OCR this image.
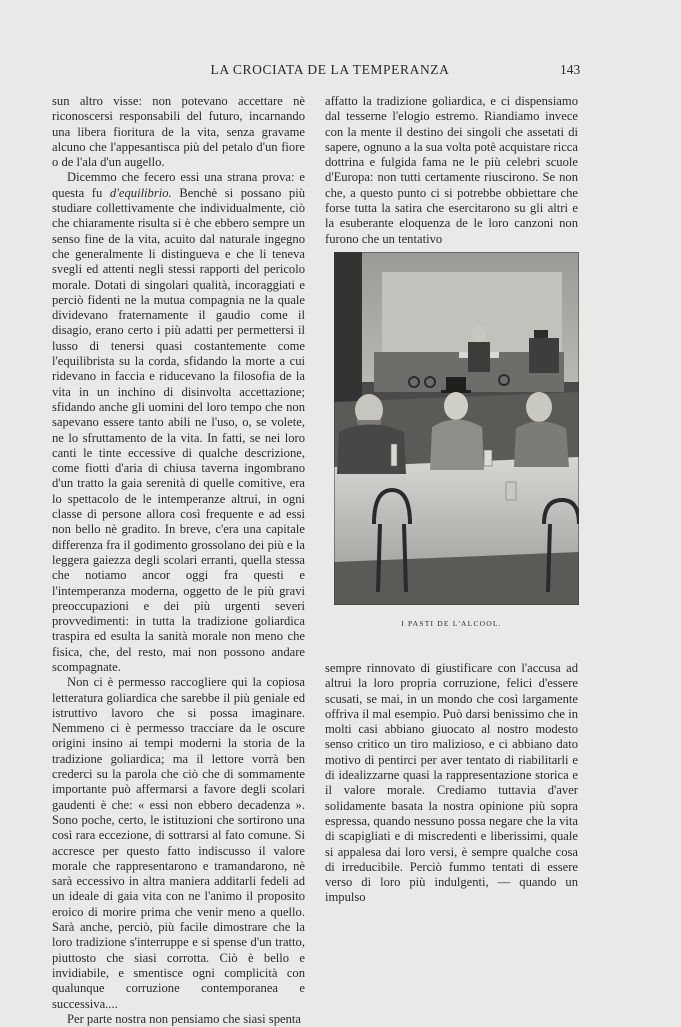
LA CROCIATA DE LA TEMPERANZA	143

sun altro visse: non potevano accettare nè riconoscersi responsabili del futuro, incarnando una libera fioritura de la vita, senza gravame alcuno che l'appesantisca più del petalo d'un fiore o de l'ala d'un augello.

Dicemmo che fecero essi una strana prova: e questa fu d'equilibrio. Benchè si possano più studiare collettivamente che individualmente, ciò che chiaramente risulta si è che ebbero sempre un senso fine de la vita, acuito dal naturale ingegno che generalmente li distingueva e che li teneva svegli ed attenti negli stessi rapporti del pericolo morale. Dotati di singolari qualità, incoraggiati e perciò fidenti ne la mutua compagnia ne la quale dividevano fraternamente il gaudio come il disagio, erano certo i più adatti per permettersi il lusso di tenersi quasi costantemente come l'equilibrista su la corda, sfidando la morte a cui ridevano in faccia e riducevano la filosofia de la vita in un inchino di disinvolta accettazione; sfidando anche gli uomini del loro tempo che non sapevano essere tanto abili ne l'uso, o, se volete, ne lo sfruttamento de la vita. In fatti, se nei loro canti le tinte eccessive di qualche descrizione, come fiotti d'aria di chiusa taverna ingombrano d'un tratto la gaia serenità di quelle comitive, era lo spettacolo de le intemperanze altrui, in ogni classe di persone allora così frequente e ad essi non bello nè gradito. In breve, c'era una capitale differenza fra il godimento grossolano dei più e la leggera gaiezza degli scolari erranti, quella stessa che notiamo ancor oggi fra questi e l'intemperanza moderna, oggetto de le più gravi preoccupazioni e dei più urgenti severi provvedimenti: in tutta la tradizione goliardica traspira ed esulta la sanità morale non meno che fisica, che, del resto, mai non possono andare scompagnate.

Non ci è permesso raccogliere qui la copiosa letteratura goliardica che sarebbe il più geniale ed istruttivo lavoro che si possa imaginare. Nemmeno ci è permesso tracciare da le oscure origini insino ai tempi moderni la storia de la tradizione goliardica; ma il lettore vorrà ben crederci su la parola che ciò che di sommamente importante può affermarsi a favore degli scolari gaudenti è che: « essi non ebbero decadenza ». Sono poche, certo, le istituzioni che sortirono una così rara eccezione, di sottrarsi al fato comune. Si accresce per questo fatto indiscusso il valore morale che rappresentarono e tramandarono, nè sarà eccessivo in altra maniera additarli fedeli ad un ideale di gaia vita con ne l'animo il proposito eroico di morire prima che venir meno a quello. Sarà anche, perciò, più facile dimostrare che la loro tradizione s'interruppe e si spense d'un tratto, piuttosto che siasi corrotta. Ciò è bello e invidiabile, e smentisce ogni complicità con qualunque corruzione contemporanea e successiva....

Per parte nostra non pensiamo che siasi spenta

affatto la tradizione goliardica, e ci dispensiamo dal tesserne l'elogio estremo. Riandiamo invece con la mente il destino dei singoli che assetati di sapere, ognuno a la sua volta potè acquistare ricca dottrina e fulgida fama ne le più celebri scuole d'Europa: non tutti certamente riuscirono. Se non che, a questo punto ci si potrebbe obbiettare che forse tutta la satira che esercitarono su gli altri e la esuberante eloquenza de le loro canzoni non furono che un tentativo

I PASTI DE L'ALCOOL.

sempre rinnovato di giustificare con l'accusa ad altrui la loro propria corruzione, felici d'essere scusati, se mai, in un mondo che così largamente offriva il mal esempio. Può darsi benissimo che in molti casi abbiano giuocato al nostro modesto senso critico un tiro malizioso, e ci abbiano dato motivo di pentirci per aver tentato di riabilitarli e di idealizzarne quasi la rappresentazione storica e il valore morale. Crediamo tuttavia d'aver solidamente basata la nostra opinione più sopra espressa, quando nessuno possa negare che la vita di scapigliati e di miscredenti e liberissimi, quale si appalesa dai loro versi, è sempre qualche cosa di irreducibile. Perciò fummo tentati di essere verso di loro più indulgenti, — quando un impulso
